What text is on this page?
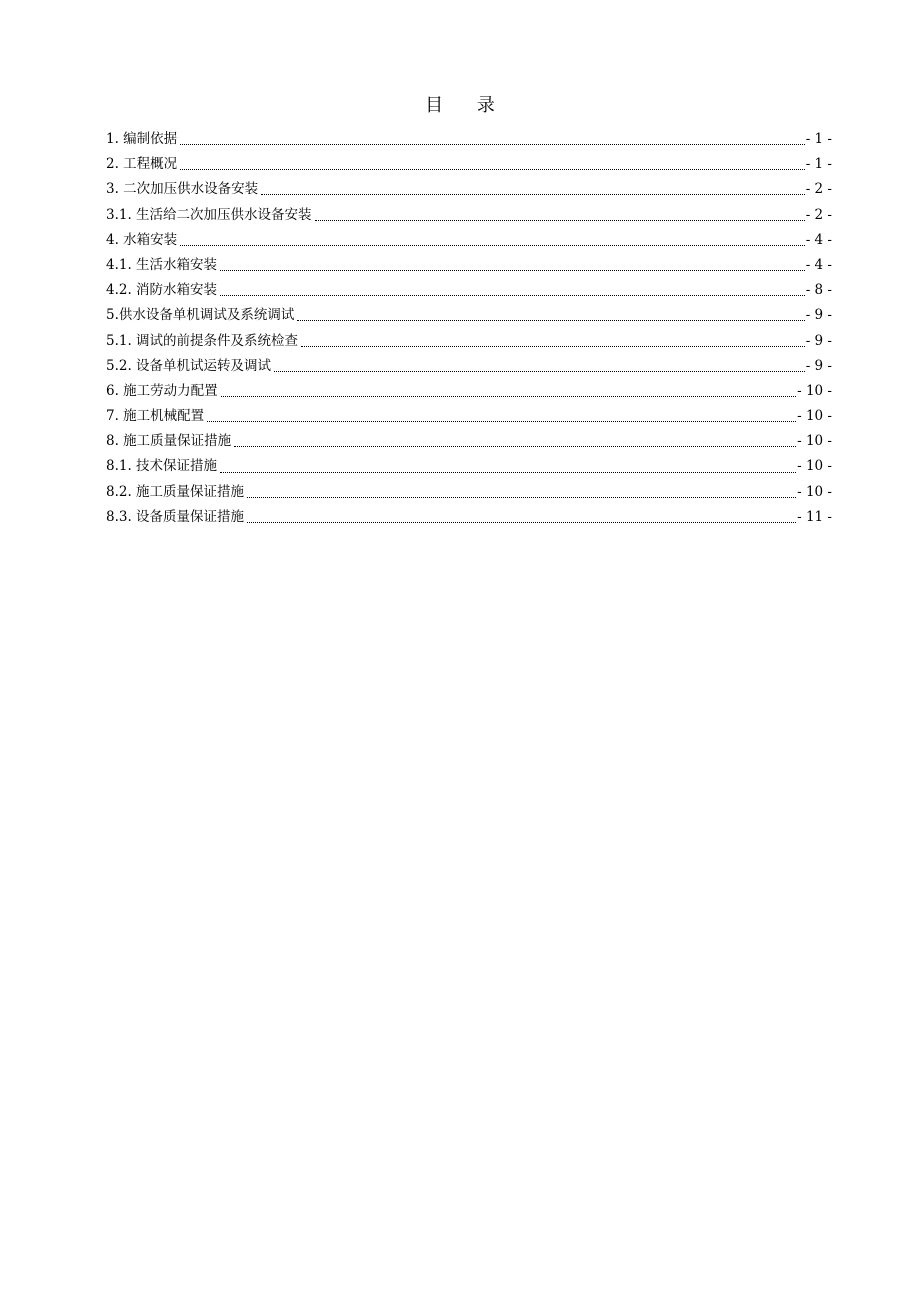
目 录
1. 编制依据	- 1 -
2. 工程概况	- 1 -
3. 二次加压供水设备安装	- 2 -
3.1. 生活给二次加压供水设备安装	- 2 -
4. 水箱安装	- 4 -
4.1. 生活水箱安装	- 4 -
4.2. 消防水箱安装	- 8 -
5.供水设备单机调试及系统调试	- 9 -
5.1. 调试的前提条件及系统检查	- 9 -
5.2. 设备单机试运转及调试	- 9 -
6. 施工劳动力配置	- 10 -
7. 施工机械配置	- 10 -
8. 施工质量保证措施	- 10 -
8.1. 技术保证措施	- 10 -
8.2. 施工质量保证措施	- 10 -
8.3. 设备质量保证措施	- 11 -
